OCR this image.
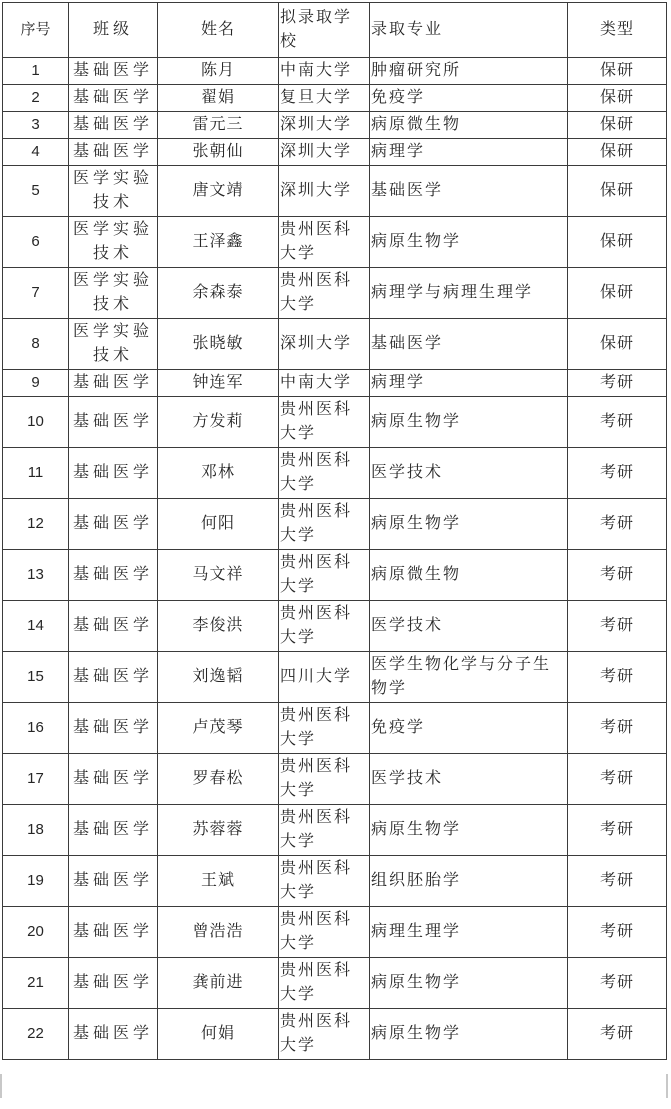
序号	班级	姓名	拟录取学校	录取专业	类型
1	基础医学	陈月	中南大学	肿瘤研究所	保研
2	基础医学	翟娟	复旦大学	免疫学	保研
3	基础医学	雷元三	深圳大学	病原微生物	保研
4	基础医学	张朝仙	深圳大学	病理学	保研
5	医学实验技术	唐文靖	深圳大学	基础医学	保研
6	医学实验技术	王泽鑫	贵州医科大学	病原生物学	保研
7	医学实验技术	余森泰	贵州医科大学	病理学与病理生理学	保研
8	医学实验技术	张晓敏	深圳大学	基础医学	保研
9	基础医学	钟连军	中南大学	病理学	考研
10	基础医学	方发莉	贵州医科大学	病原生物学	考研
11	基础医学	邓林	贵州医科大学	医学技术	考研
12	基础医学	何阳	贵州医科大学	病原生物学	考研
13	基础医学	马文祥	贵州医科大学	病原微生物	考研
14	基础医学	李俊洪	贵州医科大学	医学技术	考研
15	基础医学	刘逸韬	四川大学	医学生物化学与分子生物学	考研
16	基础医学	卢茂琴	贵州医科大学	免疫学	考研
17	基础医学	罗春松	贵州医科大学	医学技术	考研
18	基础医学	苏蓉蓉	贵州医科大学	病原生物学	考研
19	基础医学	王斌	贵州医科大学	组织胚胎学	考研
20	基础医学	曾浩浩	贵州医科大学	病理生理学	考研
21	基础医学	龚前进	贵州医科大学	病原生物学	考研
22	基础医学	何娟	贵州医科大学	病原生物学	考研
